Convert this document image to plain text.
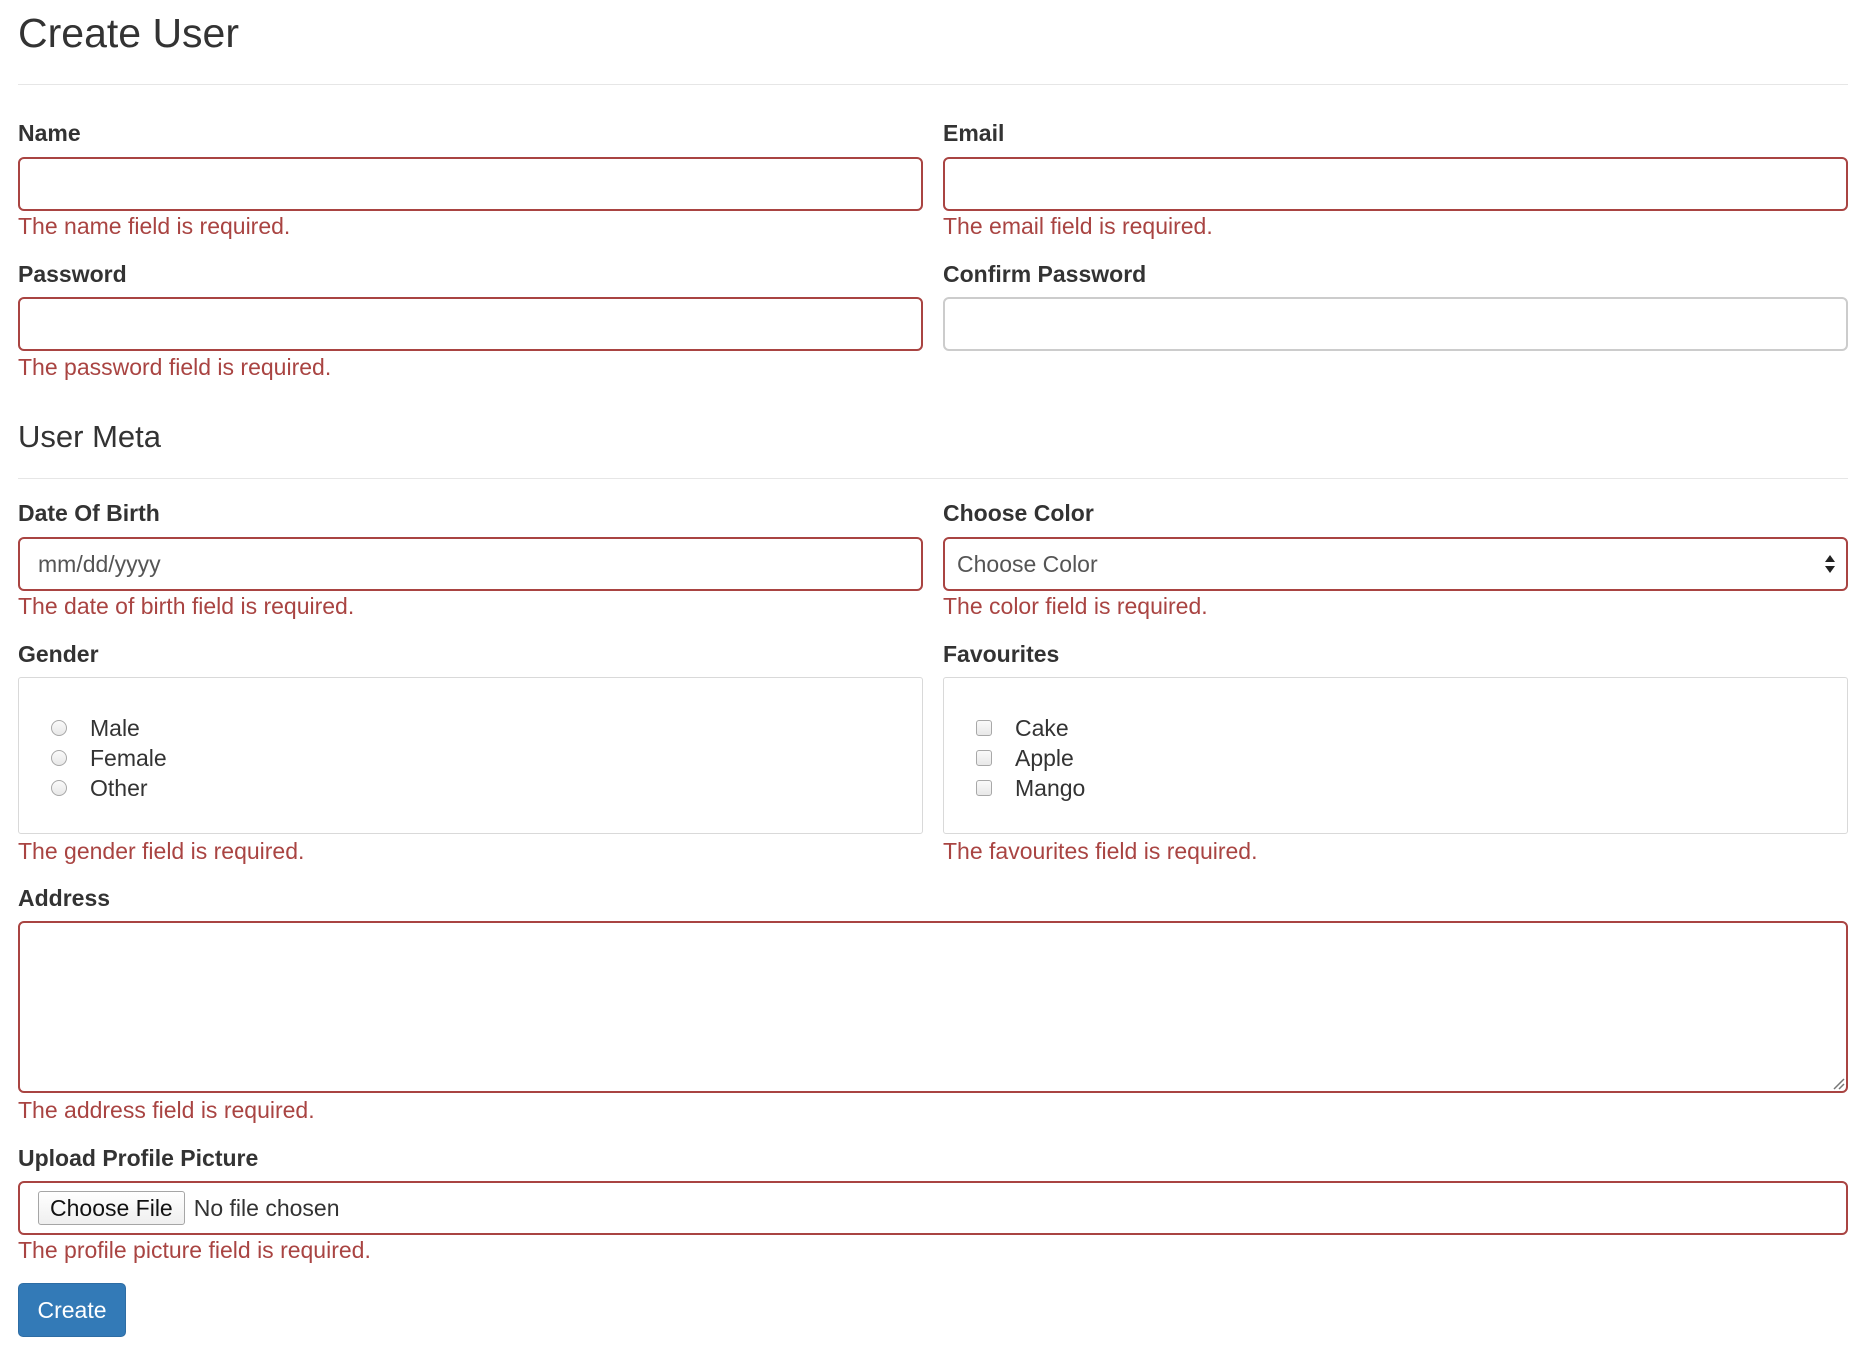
Create User
Name
The name field is required.
Email
The email field is required.
Password
The password field is required.
Confirm Password
User Meta
Date Of Birth
mm/dd/yyyy
The date of birth field is required.
Choose Color
Choose Color
The color field is required.
Gender
Male
Female
Other
The gender field is required.
Favourites
Cake
Apple
Mango
The favourites field is required.
Address
The address field is required.
Upload Profile Picture
Choose File No file chosen
The profile picture field is required.
Create
